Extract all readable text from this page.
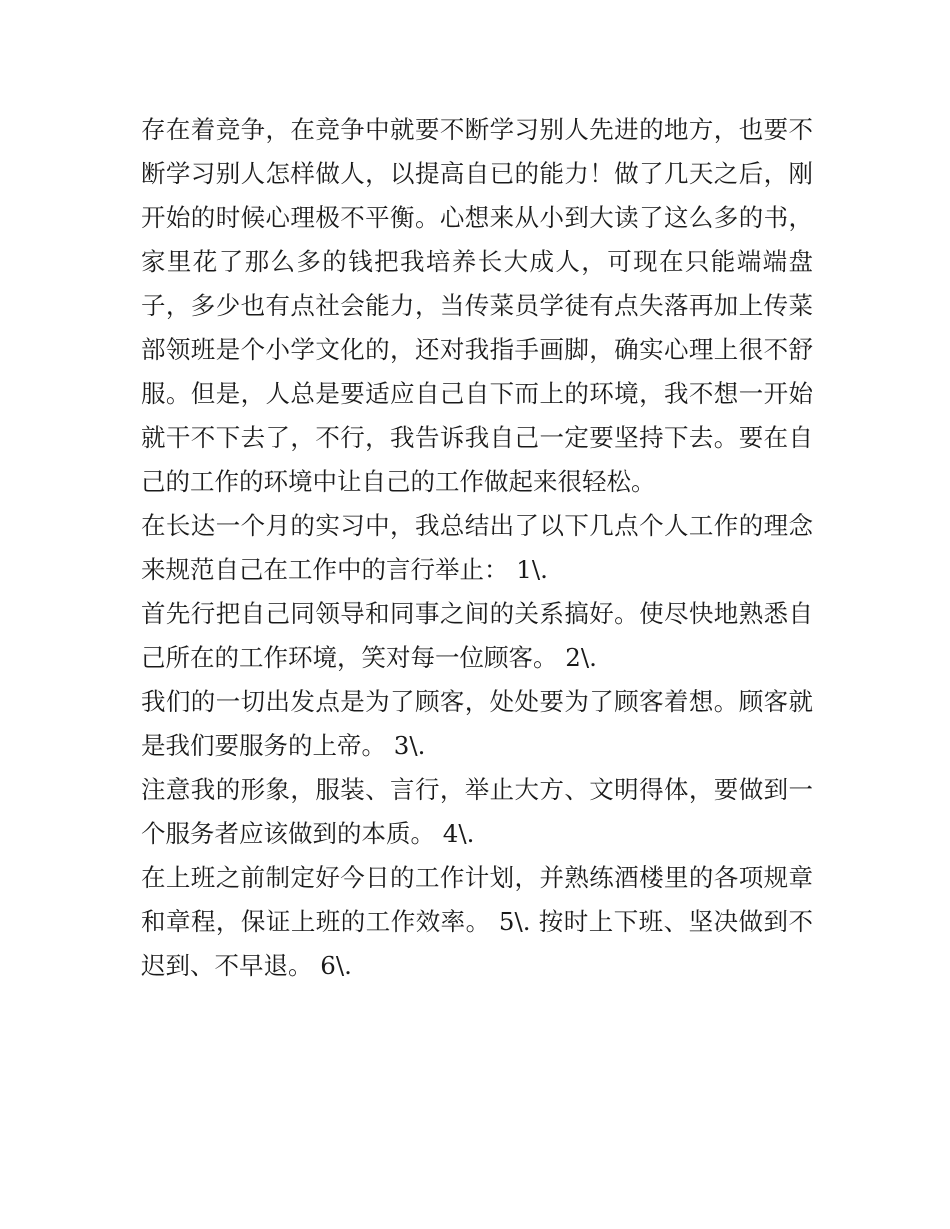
存在着竞争，在竞争中就要不断学习别人先进的地方，也要不
断学习别人怎样做人，以提高自已的能力！做了几天之后，刚
开始的时候心理极不平衡。心想来从小到大读了这么多的书，
家里花了那么多的钱把我培养长大成人，可现在只能端端盘
子，多少也有点社会能力，当传菜员学徒有点失落再加上传菜
部领班是个小学文化的，还对我指手画脚，确实心理上很不舒
服。但是，人总是要适应自己自下而上的环境，我不想一开始
就干不下去了，不行，我告诉我自己一定要坚持下去。要在自
己的工作的环境中让自己的工作做起来很轻松。
在长达一个月的实习中，我总结出了以下几点个人工作的理念
来规范自己在工作中的言行举止： 1\.
首先行把自己同领导和同事之间的关系搞好。使尽快地熟悉自
己所在的工作环境，笑对每一位顾客。 2\.
我们的一切出发点是为了顾客，处处要为了顾客着想。顾客就
是我们要服务的上帝。 3\.
注意我的形象，服装、言行，举止大方、文明得体，要做到一
个服务者应该做到的本质。 4\.
在上班之前制定好今日的工作计划，并熟练酒楼里的各项规章
和章程，保证上班的工作效率。 5\. 按时上下班、坚决做到不
迟到、不早退。 6\.
